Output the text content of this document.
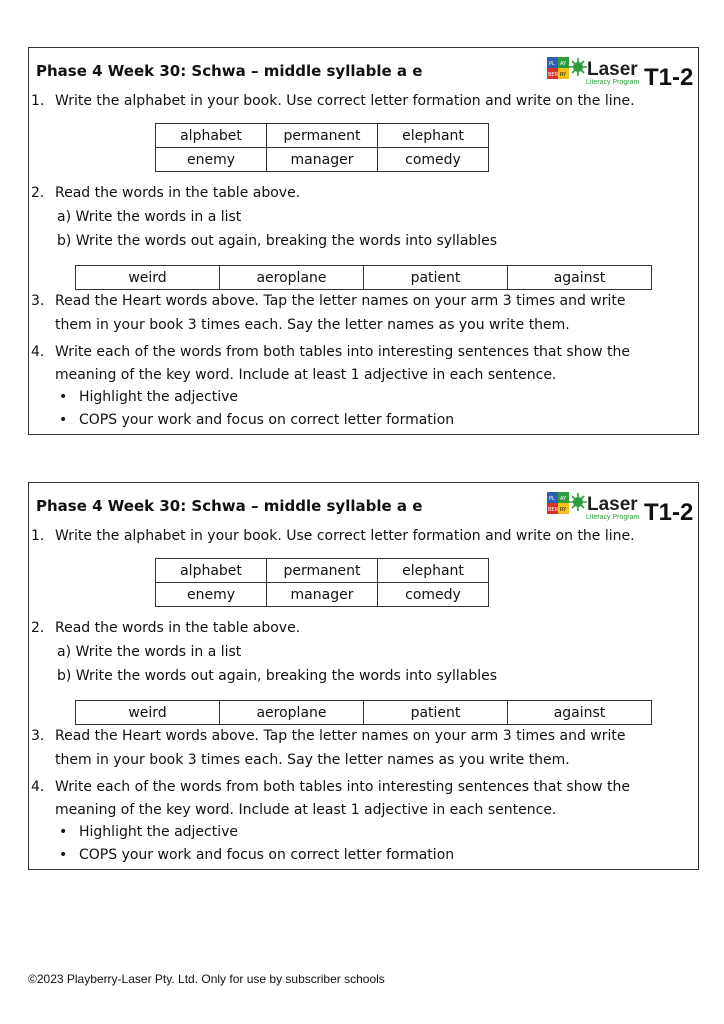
Phase 4 Week 30: Schwa – middle syllable a e	PL AY
BER RY Laser
Literacy Program T1-2
1. Write the alphabet in your book. Use correct letter formation and write on the line.
alphabet	permanent	elephant
enemy	manager	comedy
2. Read the words in the table above.
a) Write the words in a list
b) Write the words out again, breaking the words into syllables
weird	aeroplane	patient	against
3. Read the Heart words above. Tap the letter names on your arm 3 times and write
them in your book 3 times each. Say the letter names as you write them.
4. Write each of the words from both tables into interesting sentences that show the
meaning of the key word. Include at least 1 adjective in each sentence.
• Highlight the adjective
• COPS your work and focus on correct letter formation
Phase 4 Week 30: Schwa – middle syllable a e	PL AY
BER RY Laser
Literacy Program T1-2
1. Write the alphabet in your book. Use correct letter formation and write on the line.
alphabet	permanent	elephant
enemy	manager	comedy
2. Read the words in the table above.
a) Write the words in a list
b) Write the words out again, breaking the words into syllables
weird	aeroplane	patient	against
3. Read the Heart words above. Tap the letter names on your arm 3 times and write
them in your book 3 times each. Say the letter names as you write them.
4. Write each of the words from both tables into interesting sentences that show the
meaning of the key word. Include at least 1 adjective in each sentence.
• Highlight the adjective
• COPS your work and focus on correct letter formation
©2023 Playberry-Laser Pty. Ltd. Only for use by subscriber schools
